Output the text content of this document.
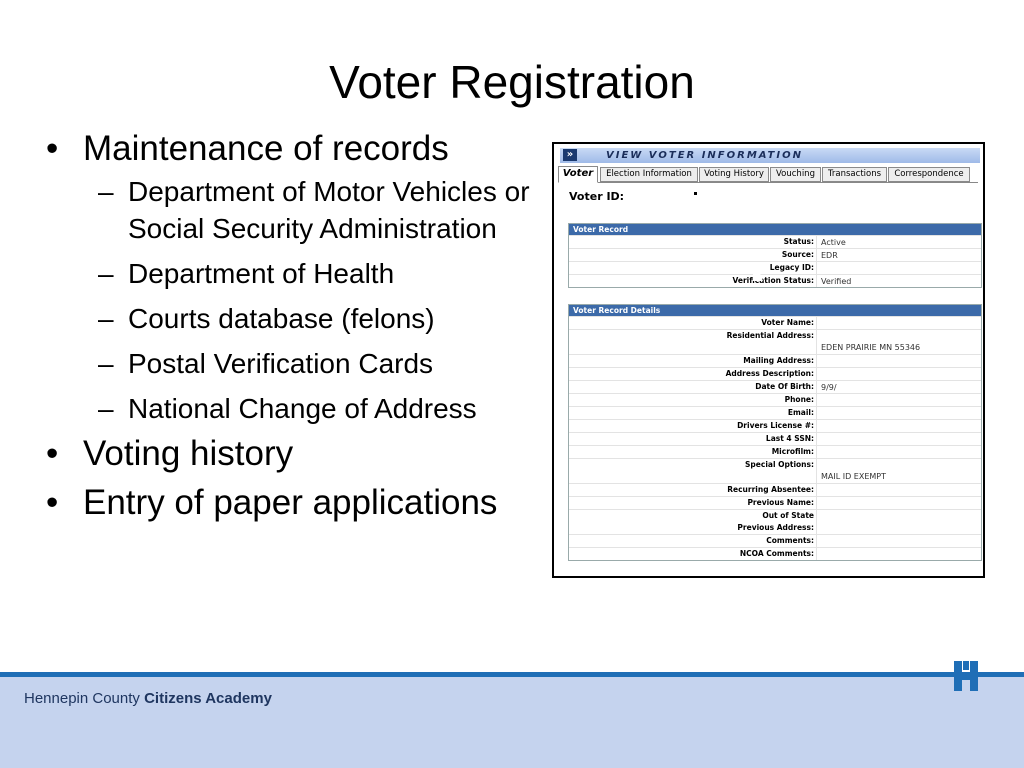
Voter Registration
• Maintenance of records
– Department of Motor Vehicles or Social Security Administration
– Department of Health
– Courts database (felons)
– Postal Verification Cards
– National Change of Address
• Voting history
• Entry of paper applications
»	VIEW VOTER INFORMATION
Voter	Election Information	Voting History	Vouching	Transactions	Correspondence
Voter ID:
Voter Record
Status: Active
Source: EDR
Legacy ID:
Verification Status: Verified
Voter Record Details
Voter Name:
Residential Address:
EDEN PRAIRIE MN 55346
Mailing Address:
Address Description:
Date Of Birth: 9/9/
Phone:
Email:
Drivers License #:
Last 4 SSN:
Microfilm:
Special Options:
MAIL ID EXEMPT
Recurring Absentee:
Previous Name:
Out of State
Previous Address:
Comments:
NCOA Comments:
Hennepin County Citizens Academy
